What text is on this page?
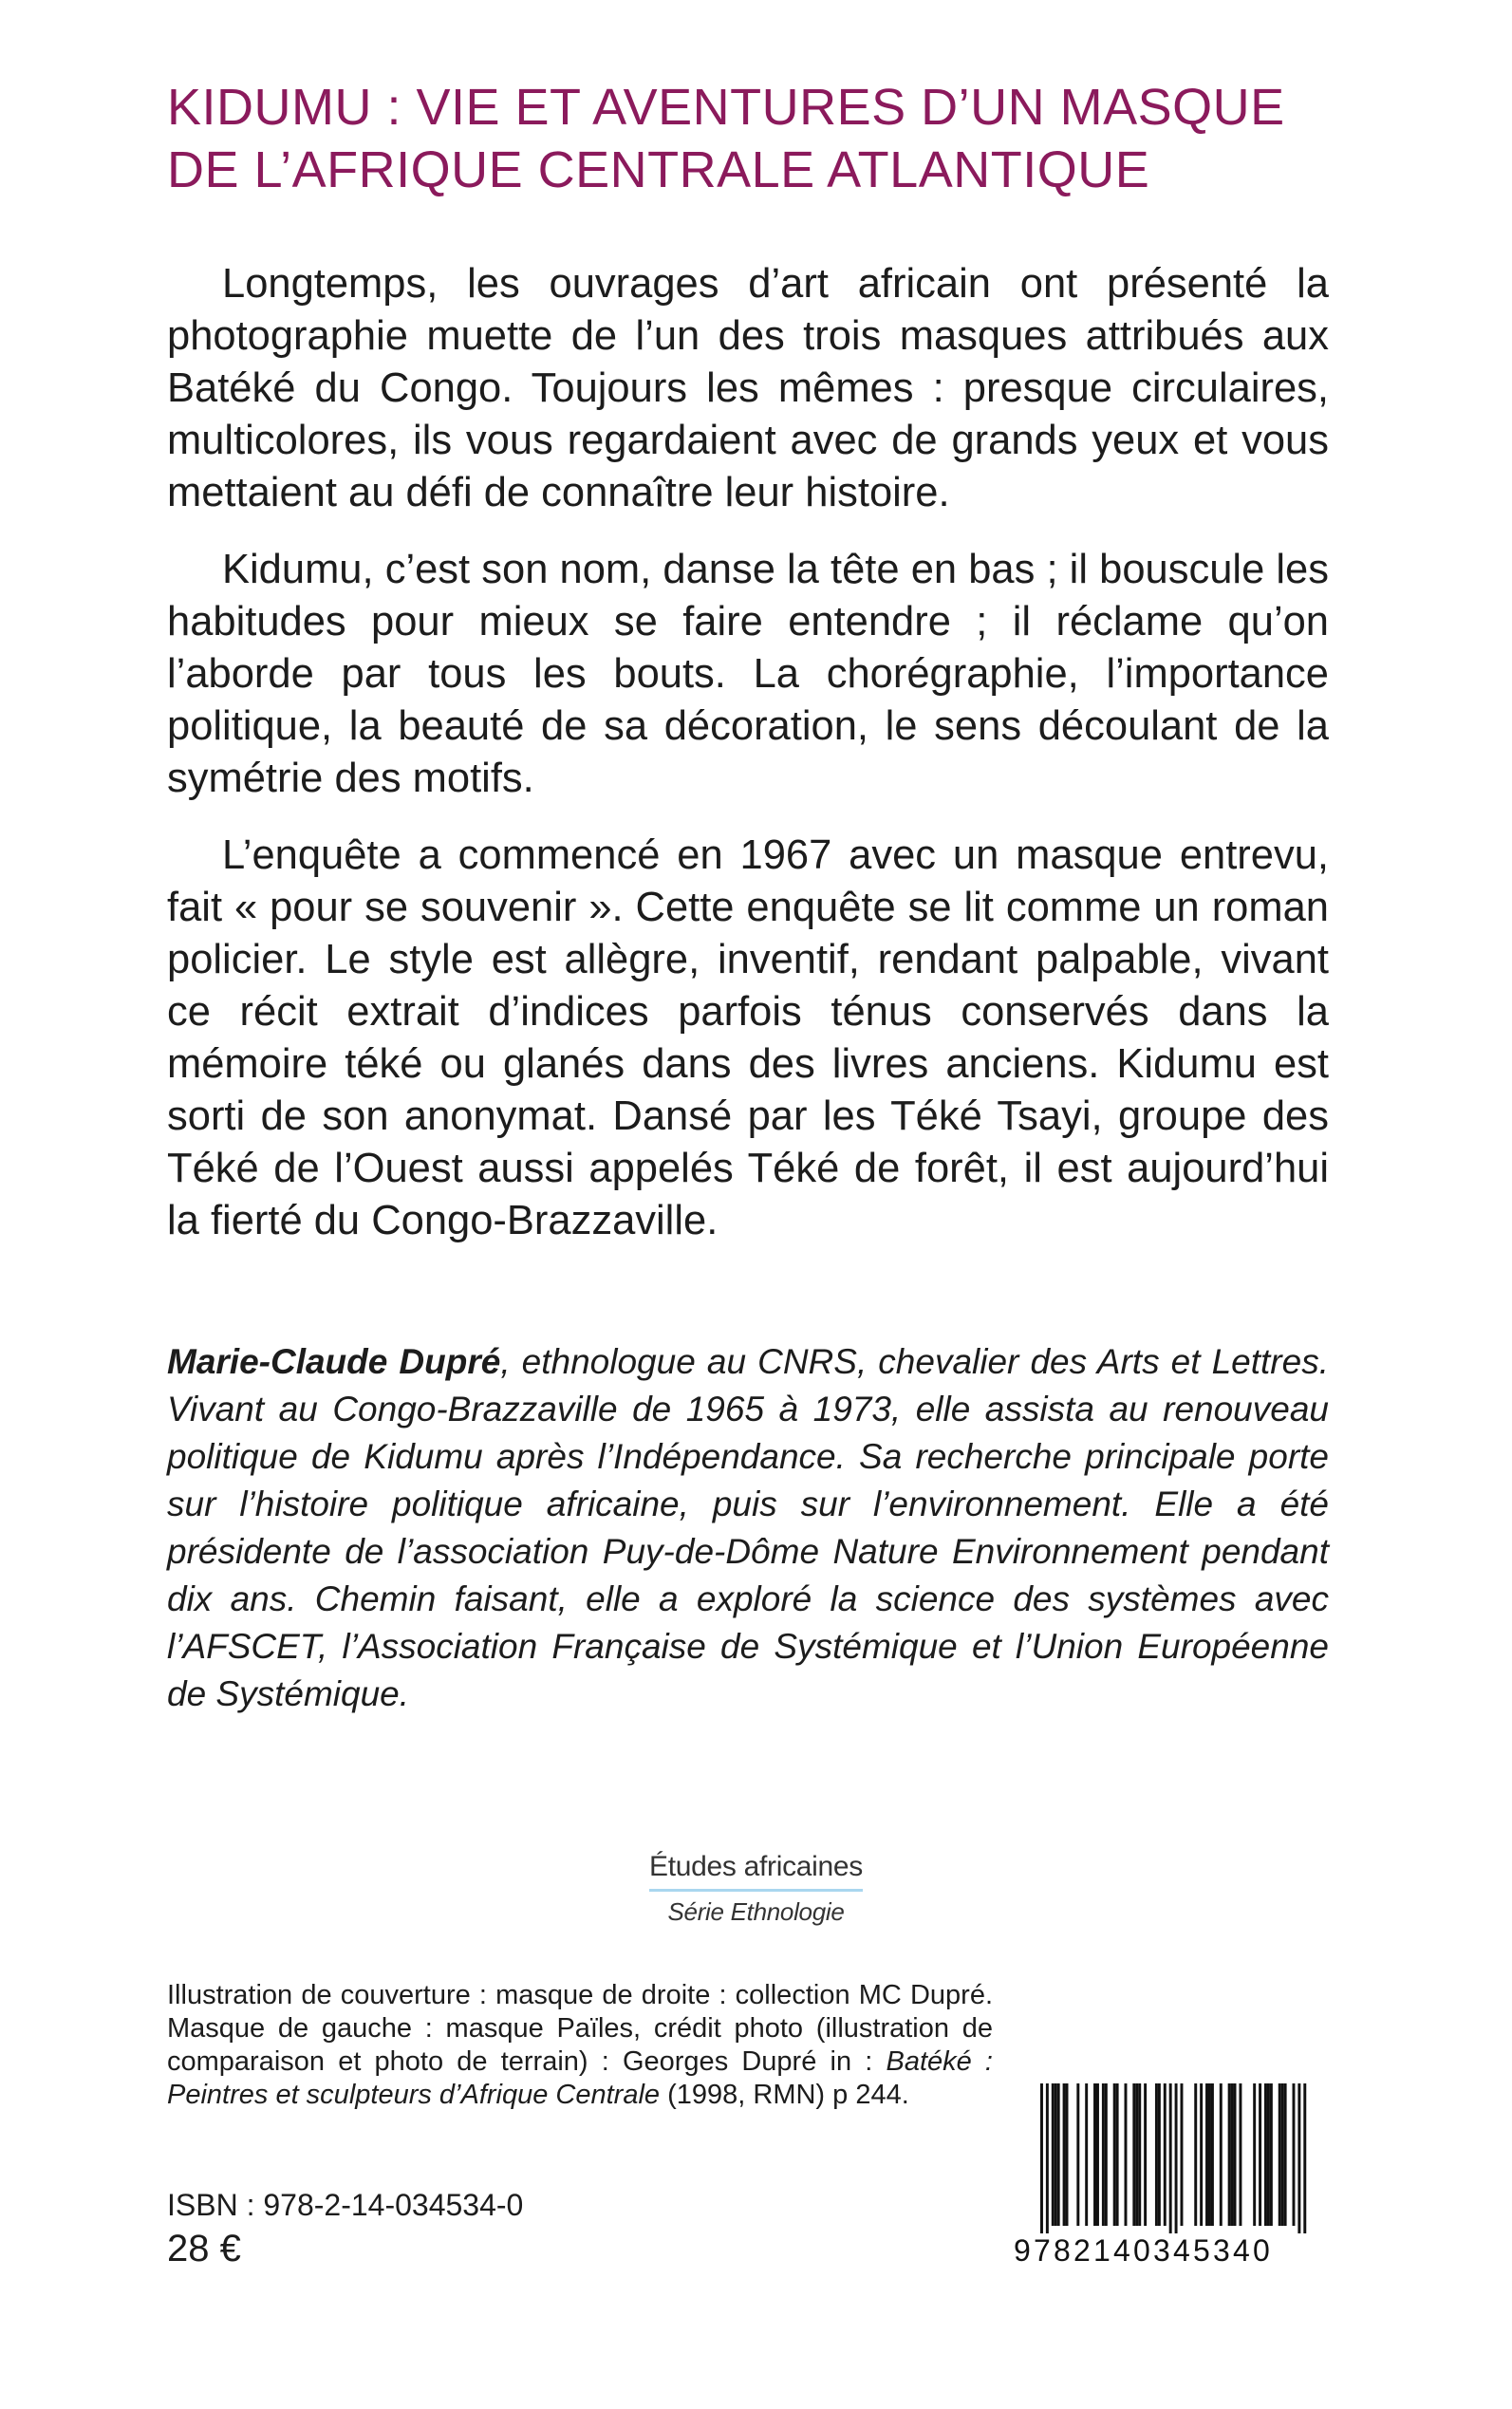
KIDUMU : VIE ET AVENTURES D’UN MASQUE
DE L’AFRIQUE CENTRALE ATLANTIQUE

Longtemps, les ouvrages d’art africain ont présenté la photographie muette de l’un des trois masques attribués aux Batéké du Congo. Toujours les mêmes : presque circulaires, multicolores, ils vous regardaient avec de grands yeux et vous mettaient au défi de connaître leur histoire.

Kidumu, c’est son nom, danse la tête en bas ; il bouscule les habitudes pour mieux se faire entendre ; il réclame qu’on l’aborde par tous les bouts. La chorégraphie, l’importance politique, la beauté de sa décoration, le sens découlant de la symétrie des motifs.

L’enquête a commencé en 1967 avec un masque entrevu, fait « pour se souvenir ». Cette enquête se lit comme un roman policier. Le style est allègre, inventif, rendant palpable, vivant ce récit extrait d’indices parfois ténus conservés dans la mémoire téké ou glanés dans des livres anciens. Kidumu est sorti de son anonymat. Dansé par les Téké Tsayi, groupe des Téké de l’Ouest aussi appelés Téké de forêt, il est aujourd’hui la fierté du Congo-Brazzaville.

Marie-Claude Dupré, ethnologue au CNRS, chevalier des Arts et Lettres. Vivant au Congo-Brazzaville de 1965 à 1973, elle assista au renouveau politique de Kidumu après l’Indépendance. Sa recherche principale porte sur l’histoire politique africaine, puis sur l’environnement. Elle a été présidente de l’association Puy-de-Dôme Nature Environnement pendant dix ans. Chemin faisant, elle a exploré la science des systèmes avec l’AFSCET, l’Association Française de Systémique et l’Union Européenne de Systémique.

Études africaines
Série Ethnologie

Illustration de couverture : masque de droite : collection MC Dupré. Masque de gauche : masque Païles, crédit photo (illustration de comparaison et photo de terrain) : Georges Dupré in : Batéké : Peintres et sculpteurs d’Afrique Centrale (1998, RMN) p 244.

ISBN : 978-2-14-034534-0

28 €	9782140345340
